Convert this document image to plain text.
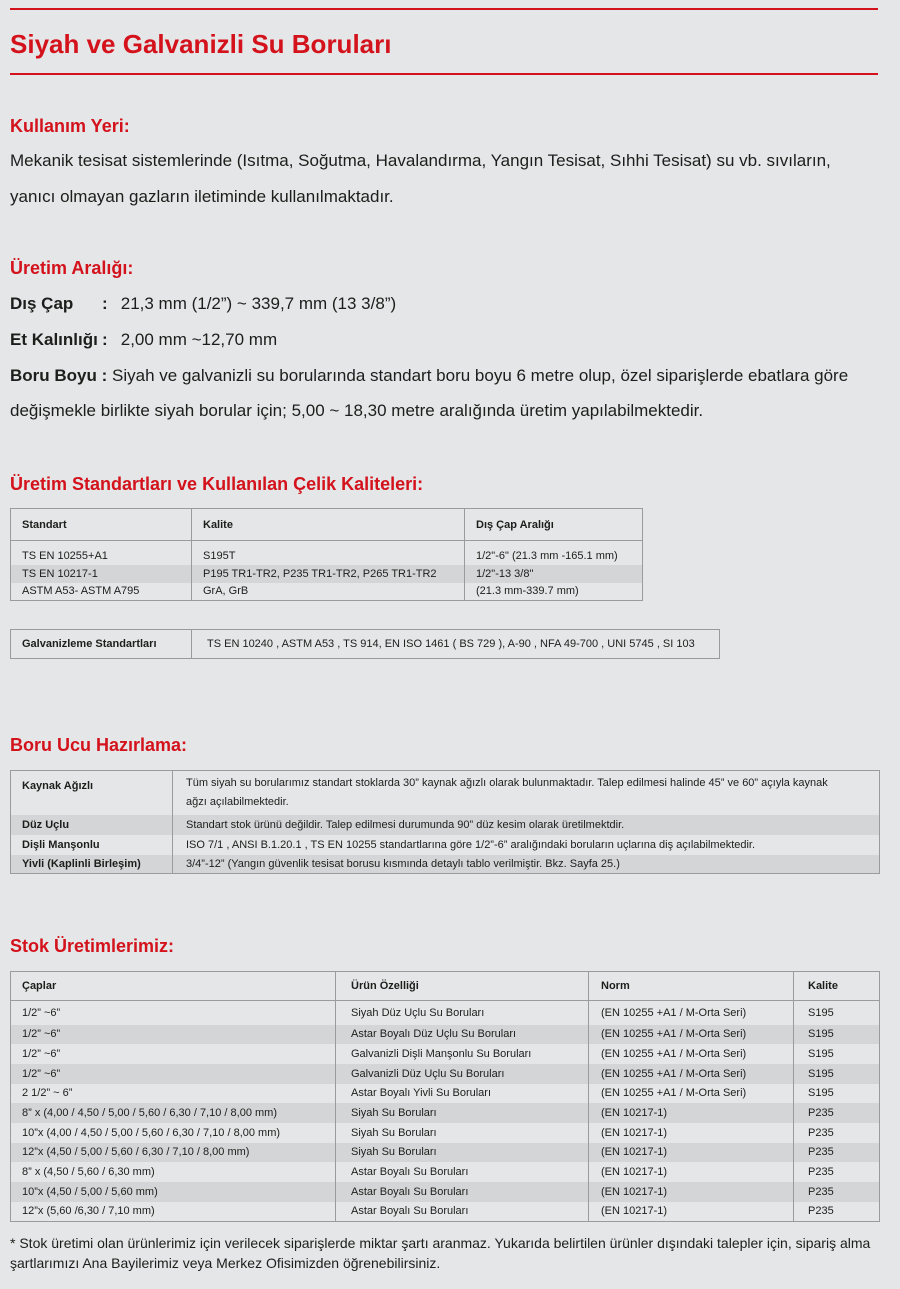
Siyah ve Galvanizli Su Boruları
Kullanım Yeri:
Mekanik tesisat sistemlerinde (Isıtma, Soğutma, Havalandırma, Yangın Tesisat, Sıhhi Tesisat) su vb. sıvıların,
yanıcı olmayan gazların iletiminde kullanılmaktadır.
Üretim Aralığı:
Dış Çap : 21,3 mm (1/2”) ~ 339,7 mm (13 3/8”)
Et Kalınlığı : 2,00 mm ~12,70 mm
Boru Boyu : Siyah ve galvanizli su borularında standart boru boyu 6 metre olup, özel siparişlerde ebatlara göre
değişmekle birlikte siyah borular için; 5,00 ~ 18,30 metre aralığında üretim yapılabilmektedir.
Üretim Standartları ve Kullanılan Çelik Kaliteleri:
Standart	Kalite	Dış Çap Aralığı

TS EN 10255+A1	S195T	1/2"-6" (21.3 mm -165.1 mm)
TS EN 10217-1	P195 TR1-TR2, P235 TR1-TR2, P265 TR1-TR2	1/2"-13 3/8"
ASTM A53- ASTM A795	GrA, GrB	(21.3 mm-339.7 mm)
Galvanizleme Standartları	TS EN 10240 , ASTM A53 , TS 914, EN ISO 1461 ( BS 729 ), A-90 , NFA 49-700 , UNI 5745 , SI 103
Boru Ucu Hazırlama:
Kaynak Ağızlı	Tüm siyah su borularımız standart stoklarda 30” kaynak ağızlı olarak bulunmaktadır. Talep edilmesi halinde 45” ve 60” açıyla kaynak
ağzı açılabilmektedir.

Düz Uçlu	Standart stok ürünü değildir. Talep edilmesi durumunda 90” düz kesim olarak üretilmektdir.
Dişli Manşonlu	ISO 7/1 , ANSI B.1.20.1 , TS EN 10255 standartlarına göre 1/2”-6” aralığındaki boruların uçlarına diş açılabilmektedir.
Yivli (Kaplinli Birleşim)	3/4”-12” (Yangın güvenlik tesisat borusu kısmında detaylı tablo verilmiştir. Bkz. Sayfa 25.)
Stok Üretimlerimiz:
Çaplar	Ürün Özelliği	Norm	Kalite
1/2” ~6”	Siyah Düz Uçlu Su Boruları	(EN 10255 +A1 / M-Orta Seri)	S195
1/2” ~6”	Astar Boyalı Düz Uçlu Su Boruları	(EN 10255 +A1 / M-Orta Seri)	S195
1/2” ~6”	Galvanizli Dişli Manşonlu Su Boruları	(EN 10255 +A1 / M-Orta Seri)	S195
1/2” ~6”	Galvanizli Düz Uçlu Su Boruları	(EN 10255 +A1 / M-Orta Seri)	S195
2 1/2” ~ 6”	Astar Boyalı Yivli Su Boruları	(EN 10255 +A1 / M-Orta Seri)	S195
8” x (4,00 / 4,50 / 5,00 / 5,60 / 6,30 / 7,10 / 8,00 mm)	Siyah Su Boruları	(EN 10217-1)	P235
10”x (4,00 / 4,50 / 5,00 / 5,60 / 6,30 / 7,10 / 8,00 mm)	Siyah Su Boruları	(EN 10217-1)	P235
12”x (4,50 / 5,00 / 5,60 / 6,30 / 7,10 / 8,00 mm)	Siyah Su Boruları	(EN 10217-1)	P235
8” x (4,50 / 5,60 / 6,30 mm)	Astar Boyalı Su Boruları	(EN 10217-1)	P235
10”x (4,50 / 5,00 / 5,60 mm)	Astar Boyalı Su Boruları	(EN 10217-1)	P235
12”x (5,60 /6,30 / 7,10 mm)	Astar Boyalı Su Boruları	(EN 10217-1)	P235
* Stok üretimi olan ürünlerimiz için verilecek siparişlerde miktar şartı aranmaz. Yukarıda belirtilen ürünler dışındaki talepler için, sipariş alma
şartlarımızı Ana Bayilerimiz veya Merkez Ofisimizden öğrenebilirsiniz.
